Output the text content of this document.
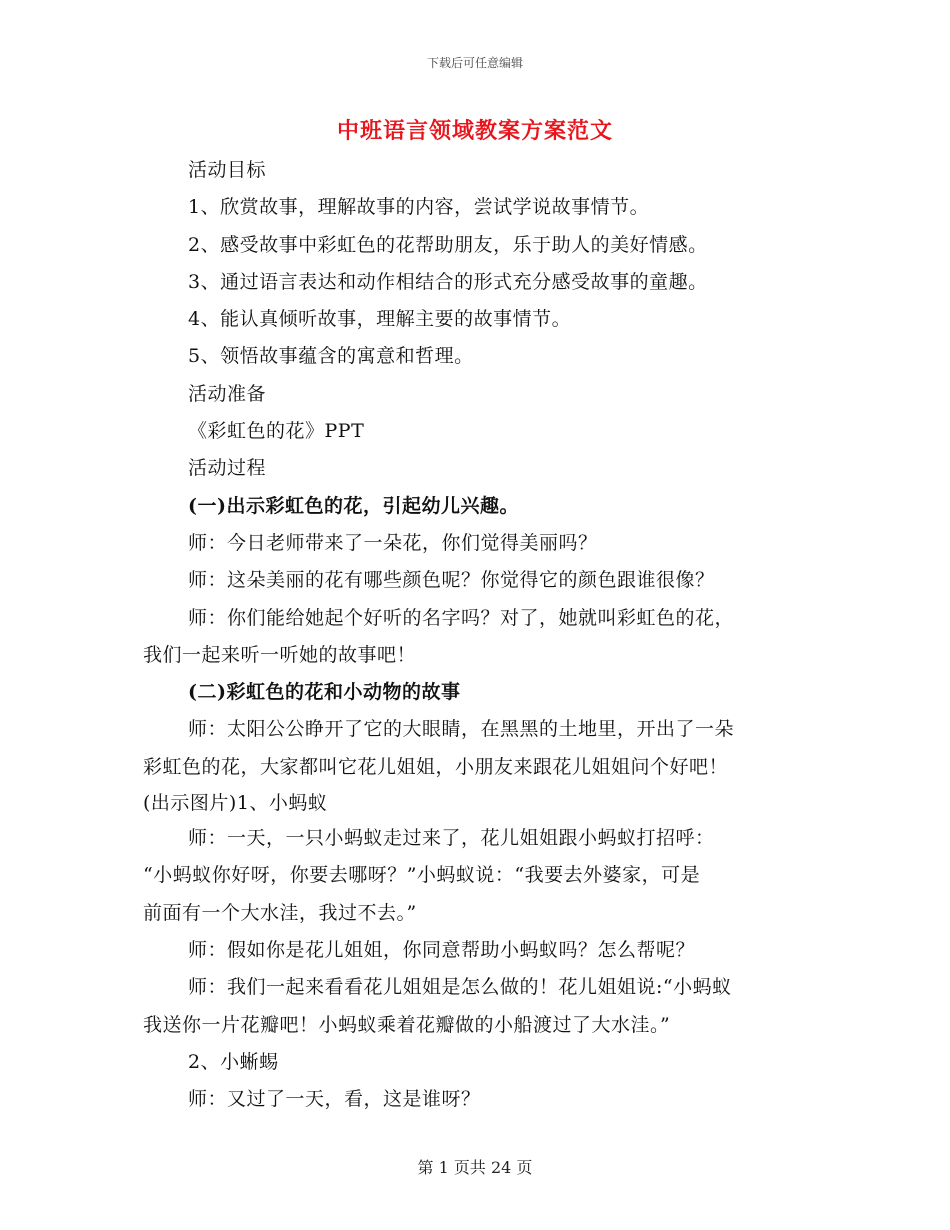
下载后可任意编辑
中班语言领域教案方案范文

活动目标

1、欣赏故事，理解故事的内容，尝试学说故事情节。

2、感受故事中彩虹色的花帮助朋友，乐于助人的美好情感。

3、通过语言表达和动作相结合的形式充分感受故事的童趣。

4、能认真倾听故事，理解主要的故事情节。

5、领悟故事蕴含的寓意和哲理。

活动准备

《彩虹色的花》PPT

活动过程

(一)出示彩虹色的花，引起幼儿兴趣。

师：今日老师带来了一朵花，你们觉得美丽吗？

师：这朵美丽的花有哪些颜色呢？你觉得它的颜色跟谁很像？

师：你们能给她起个好听的名字吗？对了，她就叫彩虹色的花，

我们一起来听一听她的故事吧！

(二)彩虹色的花和小动物的故事

师：太阳公公睁开了它的大眼睛，在黑黑的土地里，开出了一朵

彩虹色的花，大家都叫它花儿姐姐，小朋友来跟花儿姐姐问个好吧！

(出示图片)1、小蚂蚁

师：一天，一只小蚂蚁走过来了，花儿姐姐跟小蚂蚁打招呼：

“小蚂蚁你好呀，你要去哪呀？”小蚂蚁说：“我要去外婆家，可是

前面有一个大水洼，我过不去。”

师：假如你是花儿姐姐，你同意帮助小蚂蚁吗？怎么帮呢？

师：我们一起来看看花儿姐姐是怎么做的！花儿姐姐说:“小蚂蚁

我送你一片花瓣吧！小蚂蚁乘着花瓣做的小船渡过了大水洼。”

2、小蜥蜴

师：又过了一天，看，这是谁呀？

第 1 页共 24 页
